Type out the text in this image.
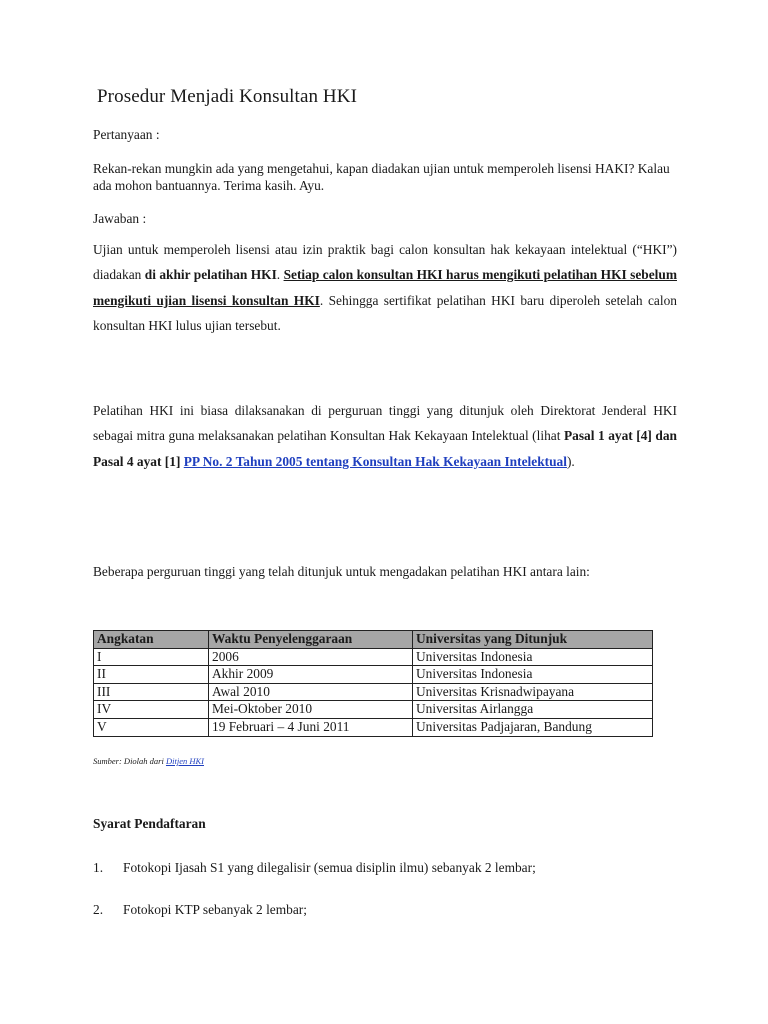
Prosedur Menjadi Konsultan HKI

Pertanyaan :

Rekan-rekan mungkin ada yang mengetahui, kapan diadakan ujian untuk memperoleh lisensi HAKI? Kalau ada mohon bantuannya. Terima kasih. Ayu.

Jawaban :

Ujian untuk memperoleh lisensi atau izin praktik bagi calon konsultan hak kekayaan intelektual (“HKI”) diadakan di akhir pelatihan HKI. Setiap calon konsultan HKI harus mengikuti pelatihan HKI sebelum mengikuti ujian lisensi konsultan HKI. Sehingga sertifikat pelatihan HKI baru diperoleh setelah calon konsultan HKI lulus ujian tersebut.

Pelatihan HKI ini biasa dilaksanakan di perguruan tinggi yang ditunjuk oleh Direktorat Jenderal HKI sebagai mitra guna melaksanakan pelatihan Konsultan Hak Kekayaan Intelektual (lihat Pasal 1 ayat [4] dan Pasal 4 ayat [1] PP No. 2 Tahun 2005 tentang Konsultan Hak Kekayaan Intelektual).

Beberapa perguruan tinggi yang telah ditunjuk untuk mengadakan pelatihan HKI antara lain:

Angkatan	Waktu Penyelenggaraan	Universitas yang Ditunjuk
I	2006	Universitas Indonesia
II	Akhir 2009	Universitas Indonesia
III	Awal 2010	Universitas Krisnadwipayana
IV	Mei-Oktober 2010	Universitas Airlangga
V	19 Februari – 4 Juni 2011	Universitas Padjajaran, Bandung
Sumber: Diolah dari Ditjen HKI
Syarat Pendaftaran
1. Fotokopi Ijasah S1 yang dilegalisir (semua disiplin ilmu) sebanyak 2 lembar;
2. Fotokopi KTP sebanyak 2 lembar;
